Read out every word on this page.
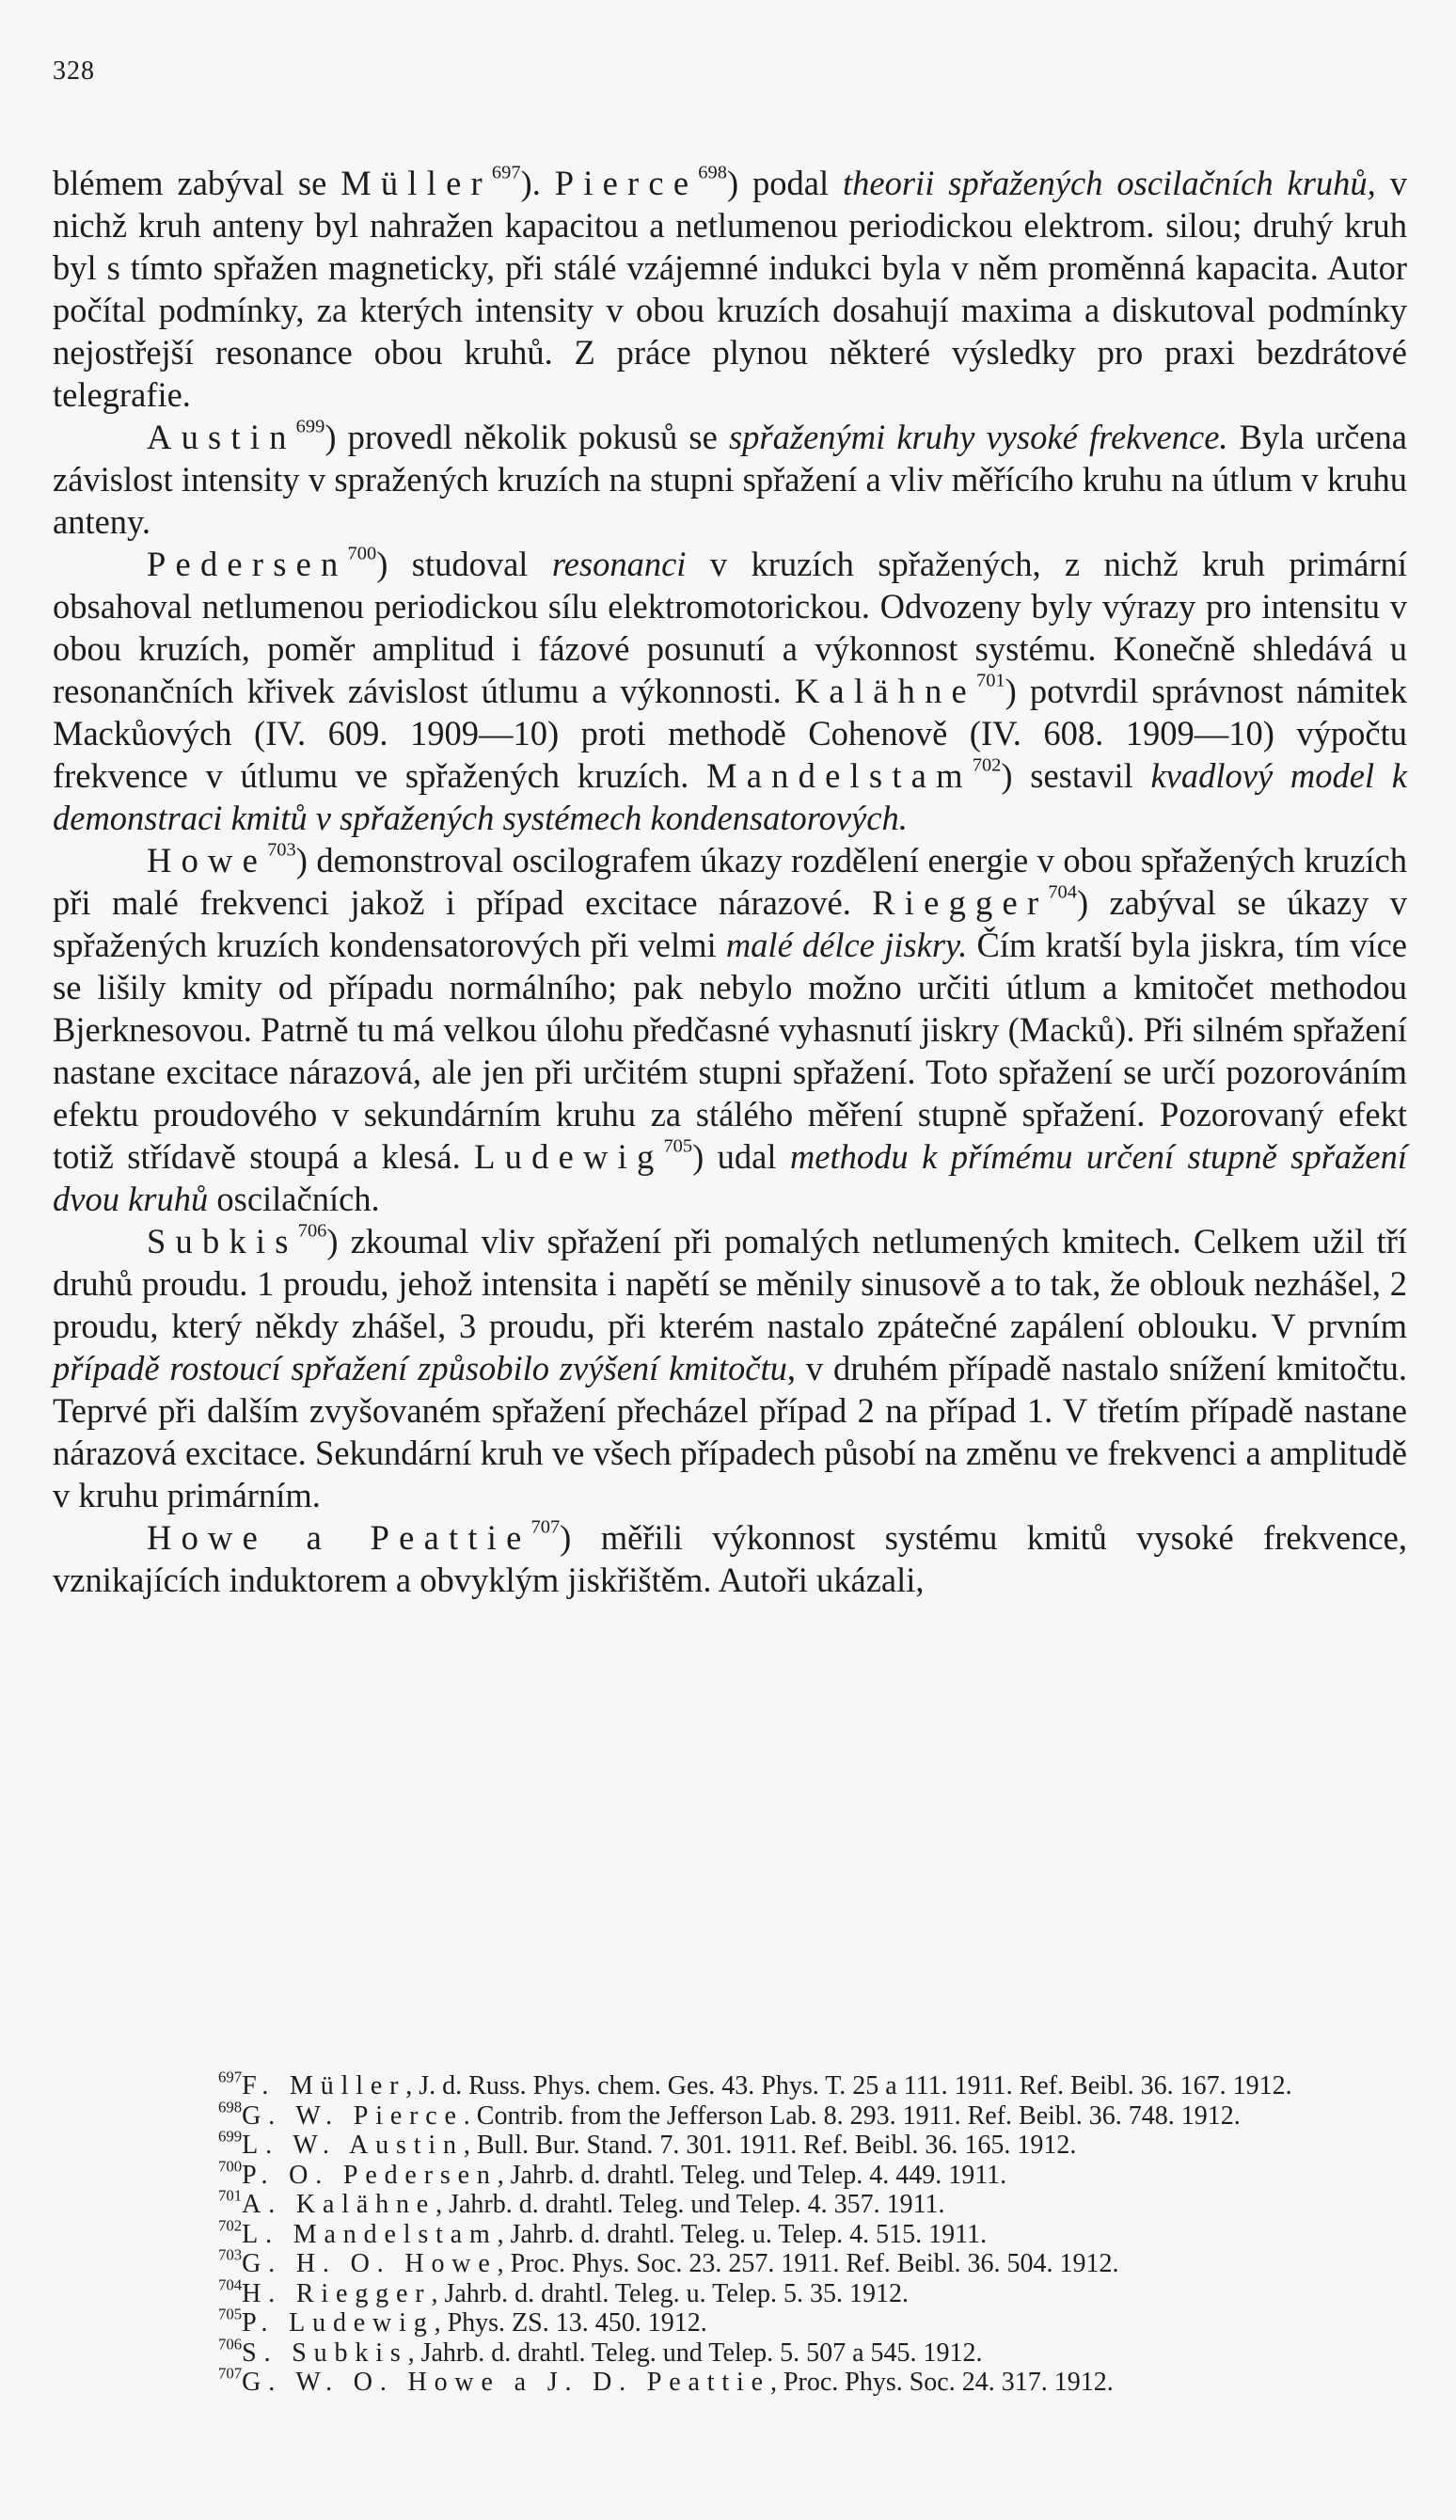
328

blémem zabýval se Müller$^{697}$). Pierce$^{698}$) podal theorii spřažených oscilačních kruhů, v nichž kruh anteny byl nahražen kapacitou a netlumenou periodickou elektrom. silou; druhý kruh byl s tímto spřažen magneticky, při stálé vzájemné indukci byla v něm proměnná kapacita. Autor počítal podmínky, za kterých intensity v obou kruzích dosahují maxima a diskutoval podmínky nejostřejší resonance obou kruhů. Z práce plynou některé výsledky pro praxi bezdrátové telegrafie.

Austin$^{699}$) provedl několik pokusů se spřaženými kruhy vysoké frekvence. Byla určena závislost intensity v spražených kruzích na stupni spřažení a vliv měřícího kruhu na útlum v kruhu anteny.

Pedersen$^{700}$) studoval resonanci v kruzích spřažených, z nichž kruh primární obsahoval netlumenou periodickou sílu elektromotorickou. Odvozeny byly výrazy pro intensitu v obou kruzích, poměr amplitud i fázové posunutí a výkonnost systému. Konečně shledává u resonančních křivek závislost útlumu a výkonnosti. Kalähne$^{701}$) potvrdil správnost námitek Mackůových (IV. 609. 1909—10) proti methodě Cohenově (IV. 608. 1909—10) výpočtu frekvence v útlumu ve spřažených kruzích. Mandelstam$^{702}$) sestavil kvadlový model k demonstraci kmitů v spřažených systémech kondensatorových.

Howe$^{703}$) demonstroval oscilografem úkazy rozdělení energie v obou spřažených kruzích při malé frekvenci jakož i případ excitace nárazové. Riegger$^{704}$) zabýval se úkazy v spřažených kruzích kondensatorových při velmi malé délce jiskry. Čím kratší byla jiskra, tím více se lišily kmity od případu normálního; pak nebylo možno určiti útlum a kmitočet methodou Bjerknesovou. Patrně tu má velkou úlohu předčasné vyhasnutí jiskry (Macků). Při silném spřažení nastane excitace nárazová, ale jen při určitém stupni spřažení. Toto spřažení se určí pozorováním efektu proudového v sekundárním kruhu za stálého měření stupně spřažení. Pozorovaný efekt totiž střídavě stoupá a klesá. Ludewig$^{705}$) udal methodu k přímému určení stupně spřažení dvou kruhů oscilačních.

Subkis$^{706}$) zkoumal vliv spřažení při pomalých netlumených kmitech. Celkem užil tří druhů proudu. 1 proudu, jehož intensita i napětí se měnily sinusově a to tak, že oblouk nezhášel, 2 proudu, který někdy zhášel, 3 proudu, při kterém nastalo zpátečné zapálení oblouku. V prvním případě rostoucí spřažení způsobilo zvýšení kmitočtu, v druhém případě nastalo snížení kmitočtu. Teprvé při dalším zvyšovaném spřažení přecházel případ 2 na případ 1. V třetím případě nastane nárazová excitace. Sekundární kruh ve všech případech působí na změnu ve frekvenci a amplitudě v kruhu primárním.

Howe a Peattie$^{707}$) měřili výkonnost systému kmitů vysoké frekvence, vznikajících induktorem a obvyklým jiskřištěm. Autoři ukázali,

$^{697}$F. Müller, J. d. Russ. Phys. chem. Ges. 43. Phys. T. 25 a 111. 1911. Ref. Beibl. 36. 167. 1912.

$^{698}$G. W. Pierce. Contrib. from the Jefferson Lab. 8. 293. 1911. Ref. Beibl. 36. 748. 1912.

$^{699}$L. W. Austin, Bull. Bur. Stand. 7. 301. 1911. Ref. Beibl. 36. 165. 1912.

$^{700}$P. O. Pedersen, Jahrb. d. drahtl. Teleg. und Telep. 4. 449. 1911.

$^{701}$A. Kalähne, Jahrb. d. drahtl. Teleg. und Telep. 4. 357. 1911.

$^{702}$L. Mandelstam, Jahrb. d. drahtl. Teleg. u. Telep. 4. 515. 1911.

$^{703}$G. H. O. Howe, Proc. Phys. Soc. 23. 257. 1911. Ref. Beibl. 36. 504. 1912.

$^{704}$H. Riegger, Jahrb. d. drahtl. Teleg. u. Telep. 5. 35. 1912.

$^{705}$P. Ludewig, Phys. ZS. 13. 450. 1912.

$^{706}$S. Subkis, Jahrb. d. drahtl. Teleg. und Telep. 5. 507 a 545. 1912.

$^{707}$G. W. O. Howe a J. D. Peattie, Proc. Phys. Soc. 24. 317. 1912.
